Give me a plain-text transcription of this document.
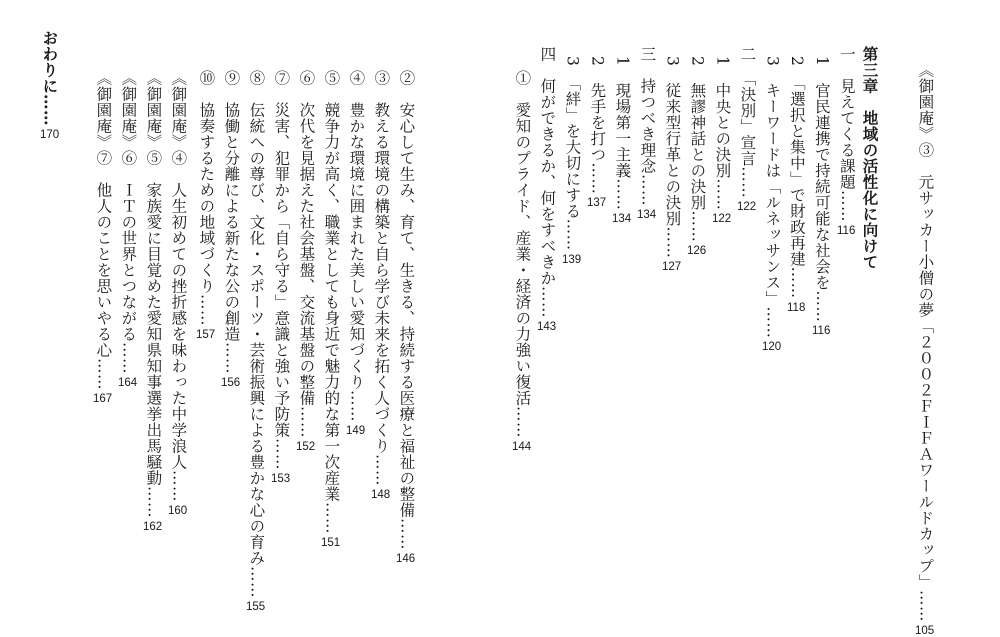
《御園庵》③　元サッカー小僧の夢「２００２ＦＩＦＡワールドカップ」……
105
第三章　地域の活性化に向けて
一　見えてくる課題……
116
1　官民連携で持続可能な社会を……
116
2　「選択と集中」で財政再建……
118
3　キーワードは「ルネッサンス」……
120
二　「決別」宣言……
122
1　中央との決別……
122
2　無謬神話との決別……
126
3　従来型行革との決別……
127
三　持つべき理念……
134
1　現場第一主義……
134
2　先手を打つ……
137
3　「絆」を大切にする……
139
四　何ができるか、何をすべきか……
143
①　愛知のプライド、産業・経済の力強い復活……
144
②　安心して生み、育て、生きる、持続する医療と福祉の整備……
146
③　教える環境の構築と自ら学び未来を拓く人づくり……
148
④　豊かな環境に囲まれた美しい愛知づくり……
149
⑤　競争力が高く、職業としても身近で魅力的な第一次産業……
151
⑥　次代を見据えた社会基盤、交流基盤の整備……
152
⑦　災害、犯罪から「自ら守る」意識と強い予防策……
153
⑧　伝統への尊び、文化・スポーツ・芸術振興による豊かな心の育み……
155
⑨　協働と分離による新たな公の創造……
156
⑩　協奏するための地域づくり……
157
《御園庵》④　人生初めての挫折感を味わった中学浪人……
160
《御園庵》⑤　家族愛に目覚めた愛知県知事選挙出馬騒動……
162
《御園庵》⑥　ＩＴの世界とつながる……
164
《御園庵》⑦　他人のことを思いやる心……
167
おわりに……
170
